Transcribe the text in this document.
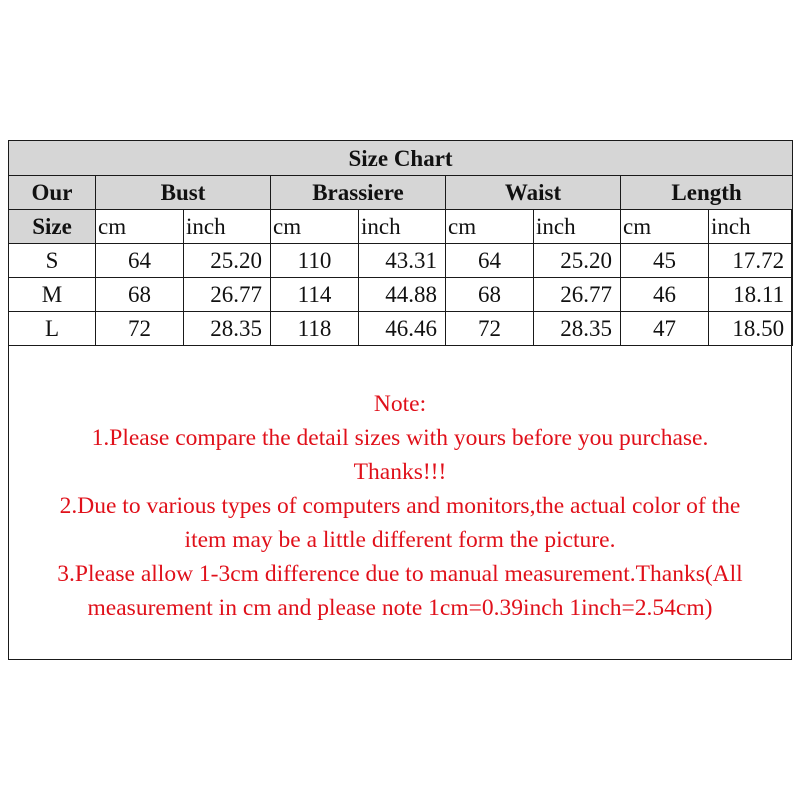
Size Chart								
Our	Bust		Brassiere		Waist		Length	
Size	cm	inch	cm	inch	cm	inch	cm	inch
S	64	25.20	110	43.31	64	25.20	45	17.72
M	68	26.77	114	44.88	68	26.77	46	18.11
L	72	28.35	118	46.46	72	28.35	47	18.50
Note:
1.Please compare the detail sizes with yours before you purchase.
Thanks!!!
2.Due to various types of computers and monitors,the actual color of the
item may be a little different form the picture.
3.Please allow 1-3cm difference due to manual measurement.Thanks(All
measurement in cm and please note 1cm=0.39inch 1inch=2.54cm)
